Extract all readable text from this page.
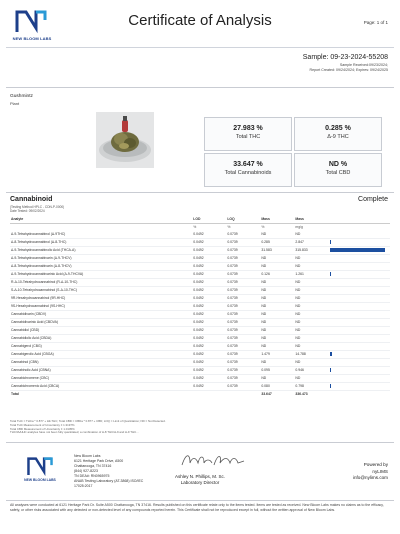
NEW BLOOM LABS
Certificate of Analysis	Page: 1 of 1
Sample: 09-23-2024-55208
Sample Received:09/23/2024;
Report Created: 09/24/2024; Expires: 09/24/2025
Gushmintz
Plant
27.983 %
Total THC
0.285 %
Δ-9 THC
33.647 %
Total Cannabinoids
ND %
Total CBD
Cannabinoid	Complete
(Testing Method HPLC - CDN-P-0000)
Date Tested: 09/02/2024
Analyte	LOD	LOQ	Mass	Mass	
	%	%	%	mg/g	
Δ-9-Tetrahydrocannabinol (Δ-9THC)	0.0492	0.0739	ND	ND	
Δ-8-Tetrahydrocannabinol (Δ-8-THC)	0.0492	0.0739	0.285	2.847	
Δ-9-Tetrahydrocannabinolic Acid (THCA-A)	0.0492	0.0739	31.583	315.833	
Δ-9-Tetrahydrocannabivarin (Δ-9-THCV)	0.0492	0.0739	ND	ND	
Δ-8-Tetrahydrocannabivarin (Δ-8-THCV)	0.0492	0.0739	ND	ND	
Δ-9-Tetrahydrocannabivarinic Acid (Δ-9-THCVA)	0.0492	0.0739	0.126	1.261	
R-Δ-10-Tetrahydrocannabinol (R-Δ-10-THC)	0.0492	0.0739	ND	ND	
S-Δ-10-Tetrahydrocannabinol (S-Δ-10-THC)	0.0492	0.0739	ND	ND	
9R-Hexahydrocannabinol (9R-HHC)	0.0492	0.0739	ND	ND	
9S-Hexahydrocannabinol (9S-HHC)	0.0492	0.0739	ND	ND	
Cannabidivarin (CBDV)	0.0492	0.0739	ND	ND	
Cannabidivarinic Acid (CBDVA)	0.0492	0.0739	ND	ND	
Cannabidiol (CBD)	0.0492	0.0739	ND	ND	
Cannabidiolic Acid (CBDA)	0.0492	0.0739	ND	ND	
Cannabigerol (CBG)	0.0492	0.0739	ND	ND	
Cannabigerolic Acid (CBGA)	0.0492	0.0739	1.479	14.788	
Cannabinol (CBN)	0.0492	0.0739	ND	ND	
Cannabinolic Acid (CBNA)	0.0492	0.0739	0.095	0.946	
Cannabichromene (CBC)	0.0492	0.0739	ND	ND	
Cannabichromenic Acid (CBCA)	0.0492	0.0739	0.080	0.798	
Total			33.647	336.473	
Total THC = THCa * 0.877 + Δ9-THC; Total CBD = CBDa * 0.877 + CBD; LOQ = Limit of Quantitation; ND = Not Detected.
Total THC Measurement of Uncertainty ± 1.3197%
Total CBD Measurement of Uncertainty ± 1.0105%
THCVA/HHC analytes have not been fully quantitated; a combination of Δ-8 THC/Δ-9 and Δ-9 THC...
NEW BLOOM LABS
New Bloom Labs
6121 Heritage Park Drive, A500
Chattanooga, TN 37416
(844) 927-8223
TN DEA#: RN0965975
ANAB Testing Laboratory (AT-3868) ISO/IEC
17025:2017
Ashley N. Phillips, M. Sc.
Laboratory Director
Powered by
nyLIMS
info@nylims.com
All analyses were conducted at 6121 Heritage Park Dr. Suite A500 Chattanooga, TN 37416. Results published on this certificate relate only to the items tested. Items are tested as received. New Bloom Labs makes no claims as to the efficacy, safety, or other risks associated with any detected or non-detected level of any compounds reported herein. This Certificate shall not be reproduced except in full, without the written approval of New Bloom Labs.
